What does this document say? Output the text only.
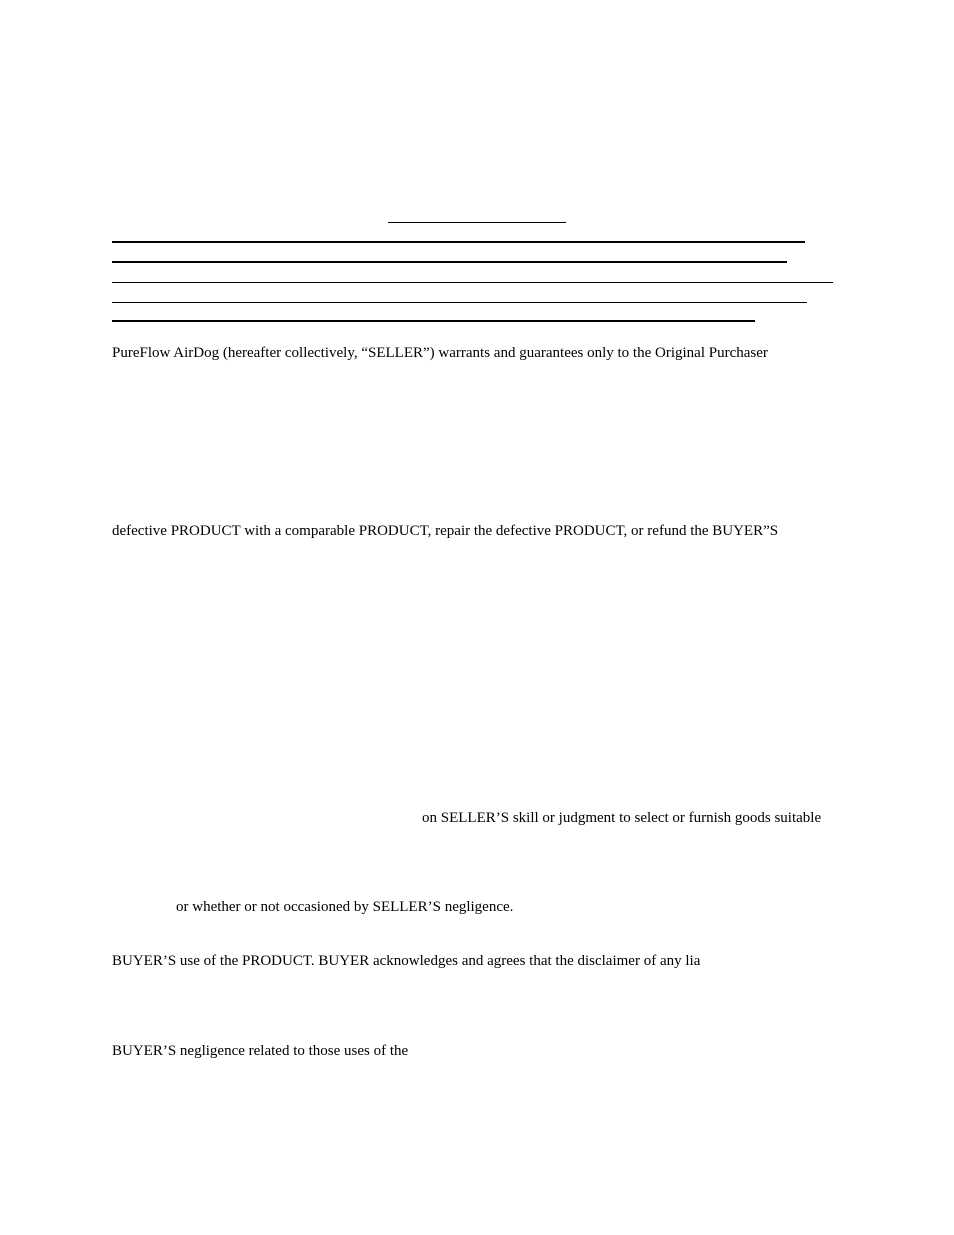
PureFlow AirDog (hereafter collectively, “SELLER”) warrants and guarantees only to the Original Purchaser
defective PRODUCT with a comparable PRODUCT, repair the defective PRODUCT, or refund the BUYER”S
on SELLER’S skill or judgment to select or furnish goods suitable
or whether or not occasioned by SELLER’S negligence.
BUYER’S use of the PRODUCT. BUYER acknowledges and agrees that the disclaimer of any lia
BUYER’S negligence related to those uses of the
